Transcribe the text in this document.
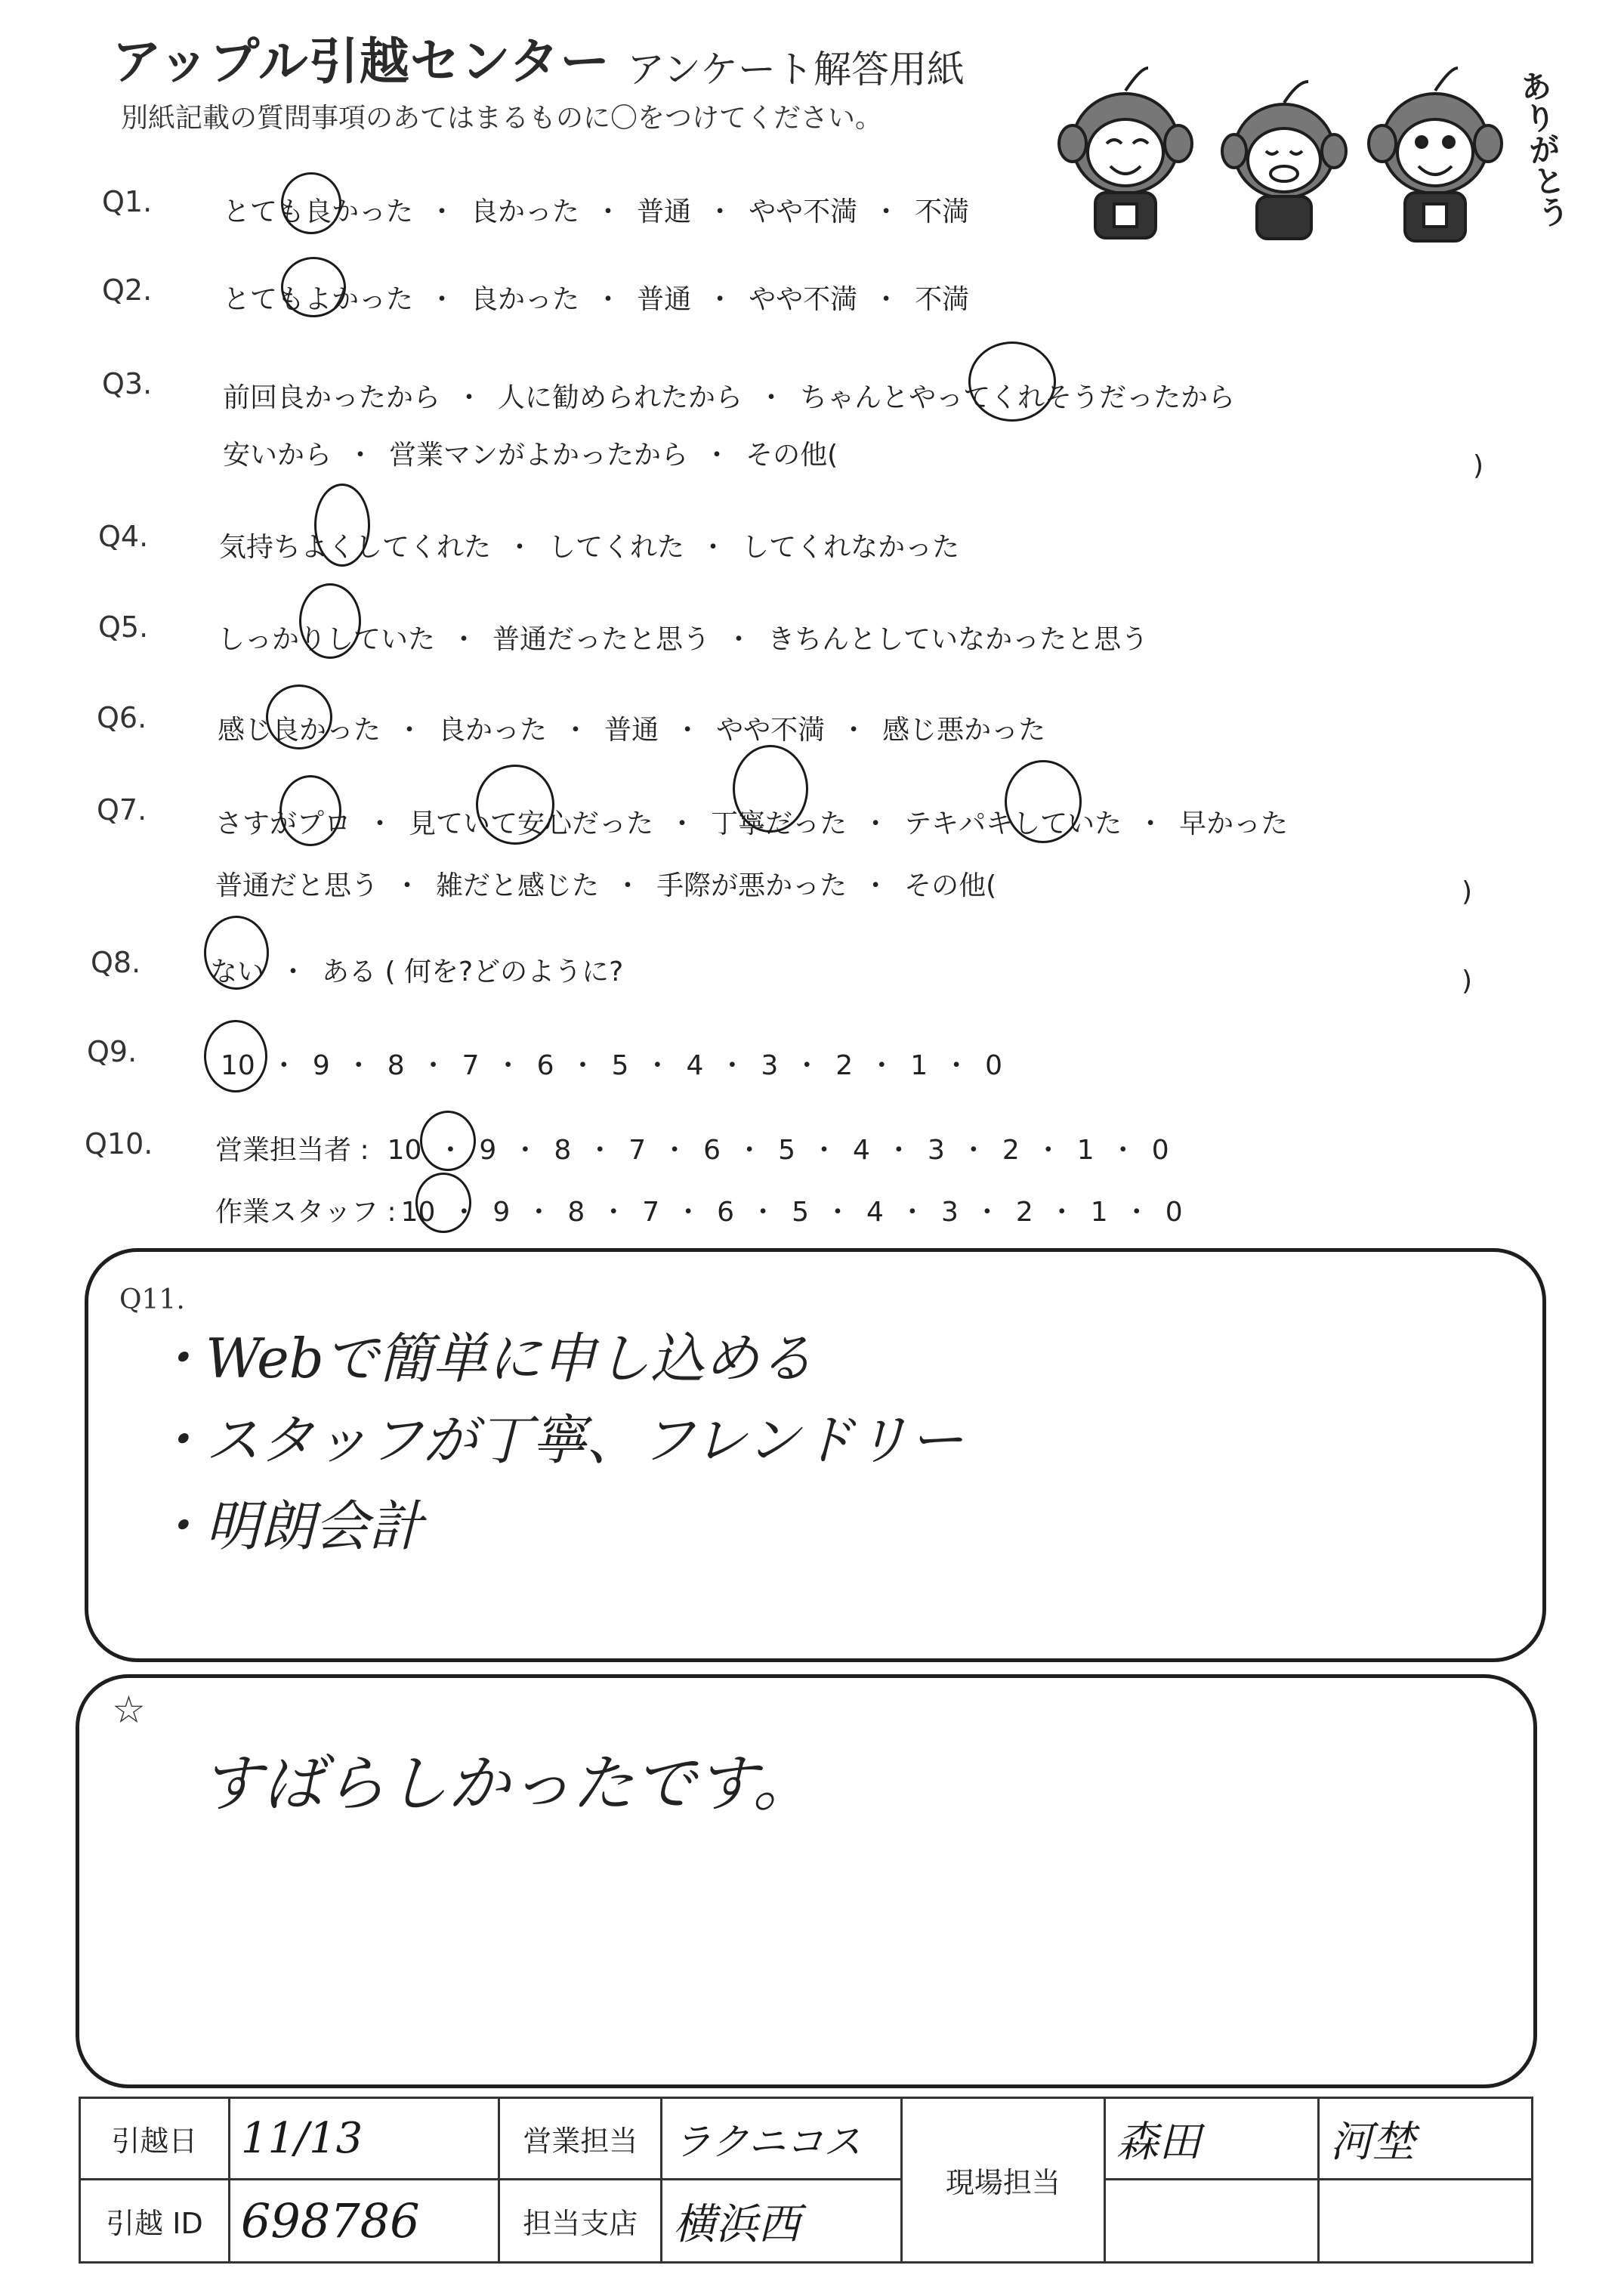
アップル引越センター アンケート解答用紙
別紙記載の質問事項のあてはまるものに〇をつけてください。	ありがとう
Q1.	とても良かった ・ 良かった ・ 普通 ・ やや不満 ・ 不満
Q2.	とてもよかった ・ 良かった ・ 普通 ・ やや不満 ・ 不満
Q3.	前回良かったから ・ 人に勧められたから ・ ちゃんとやってくれそうだったから
安いから ・ 営業マンがよかったから ・ その他(	)
Q4.	気持ちよくしてくれた ・ してくれた ・ してくれなかった
Q5.	しっかりしていた ・ 普通だったと思う ・ きちんとしていなかったと思う
Q6.	感じ良かった ・ 良かった ・ 普通 ・ やや不満 ・ 感じ悪かった
Q7.	さすがプロ ・ 見ていて安心だった ・ 丁寧だった ・ テキパキしていた ・ 早かった
普通だと思う ・ 雑だと感じた ・ 手際が悪かった ・ その他(	)
Q8.	ない ・ ある ( 何を?どのように?	)
Q9.	10 ・ 9 ・ 8 ・ 7 ・ 6 ・ 5 ・ 4 ・ 3 ・ 2 ・ 1 ・ 0
Q10. 営業担当者 : 10 ・ 9 ・ 8 ・ 7 ・ 6 ・ 5 ・ 4 ・ 3 ・ 2 ・ 1 ・ 0
作業スタッフ : 10 ・ 9 ・ 8 ・ 7 ・ 6 ・ 5 ・ 4 ・ 3 ・ 2 ・ 1 ・ 0
Q11.
・Webで簡単に申し込める
・スタッフが丁寧、フレンドリー
・明朗会計
☆
すばらしかったです。
引越日	11/13	営業担当	ラクニコス	現場担当	森田	河埜
引越 ID	698786	担当支店	横浜西			
